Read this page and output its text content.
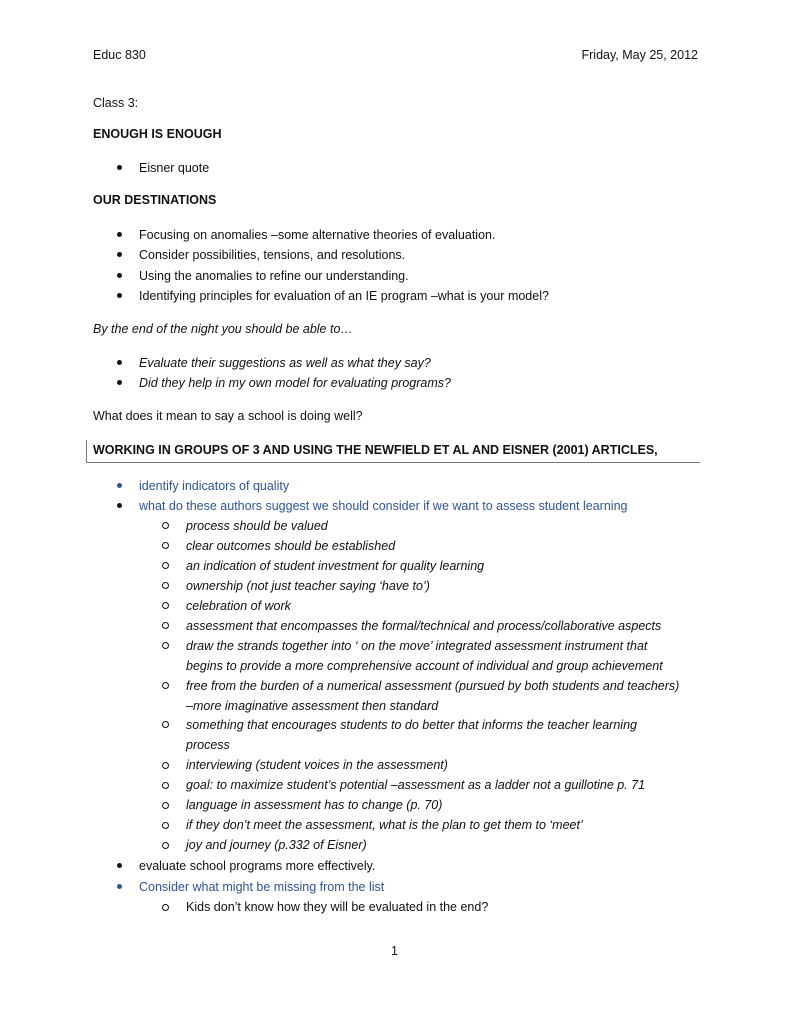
Educ 830	Friday, May 25, 2012
Class 3:
ENOUGH IS ENOUGH
Eisner quote
OUR DESTINATIONS
Focusing on anomalies –some alternative theories of evaluation.
Consider possibilities, tensions, and resolutions.
Using the anomalies to refine our understanding.
Identifying principles for evaluation of an IE program –what is your model?
By the end of the night you should be able to…
Evaluate their suggestions as well as what they say?
Did they help in my own model for evaluating programs?
What does it mean to say a school is doing well?
WORKING IN GROUPS OF 3 AND USING THE NEWFIELD ET AL AND EISNER (2001) ARTICLES,
identify indicators of quality
what do these authors suggest we should consider if we want to assess student learning
process should be valued
clear outcomes should be established
an indication of student investment for quality learning
ownership (not just teacher saying ‘have to’)
celebration of work
assessment that encompasses the formal/technical and process/collaborative aspects
draw the strands together into ‘ on the move’ integrated assessment instrument that
begins to provide a more comprehensive account of individual and group achievement
free from the burden of a numerical assessment (pursued by both students and teachers)
–more imaginative assessment then standard
something that encourages students to do better that informs the teacher learning
process
interviewing (student voices in the assessment)
goal: to maximize student’s potential –assessment as a ladder not a guillotine p. 71
language in assessment has to change (p. 70)
if they don’t meet the assessment, what is the plan to get them to ‘meet’
joy and journey (p.332 of Eisner)
evaluate school programs more effectively.
Consider what might be missing from the list
Kids don’t know how they will be evaluated in the end?
1
